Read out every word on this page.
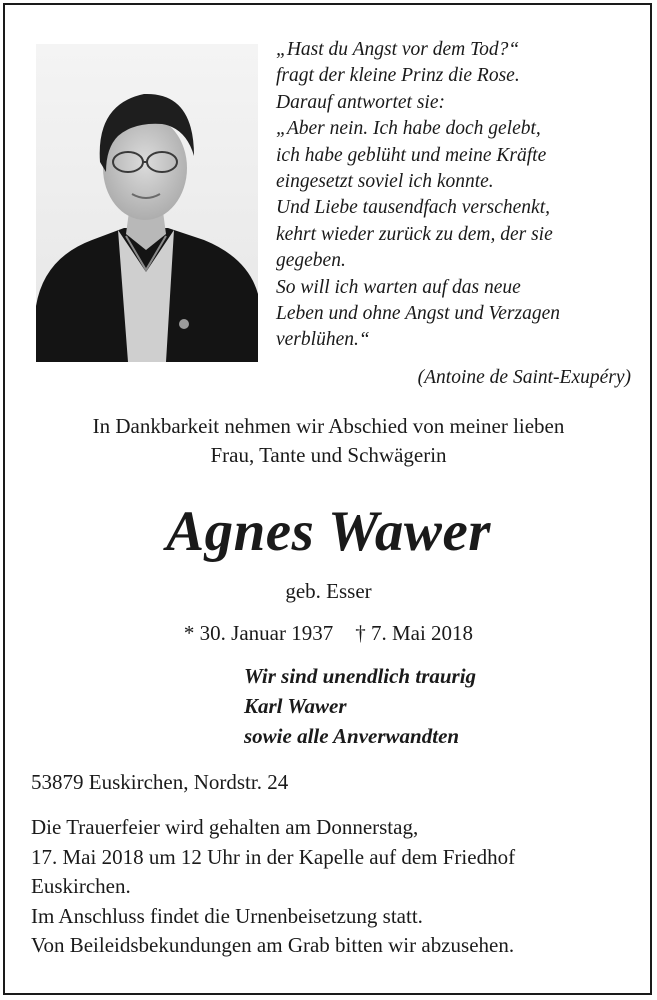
„Hast du Angst vor dem Tod?“
fragt der kleine Prinz die Rose.
Darauf antwortet sie:
„Aber nein. Ich habe doch gelebt,
ich habe geblüht und meine Kräfte
eingesetzt soviel ich konnte.
Und Liebe tausendfach verschenkt,
kehrt wieder zurück zu dem, der sie
gegeben.
So will ich warten auf das neue
Leben und ohne Angst und Verzagen
verblühen.“
(Antoine de Saint-Exupéry)
In Dankbarkeit nehmen wir Abschied von meiner lieben
Frau, Tante und Schwägerin
Agnes Wawer
geb. Esser
* 30. Januar 1937 † 7. Mai 2018
Wir sind unendlich traurig
Karl Wawer
sowie alle Anverwandten
53879 Euskirchen, Nordstr. 24
Die Trauerfeier wird gehalten am Donnerstag,
17. Mai 2018 um 12 Uhr in der Kapelle auf dem Friedhof
Euskirchen.
Im Anschluss findet die Urnenbeisetzung statt.
Von Beileidsbekundungen am Grab bitten wir abzusehen.
